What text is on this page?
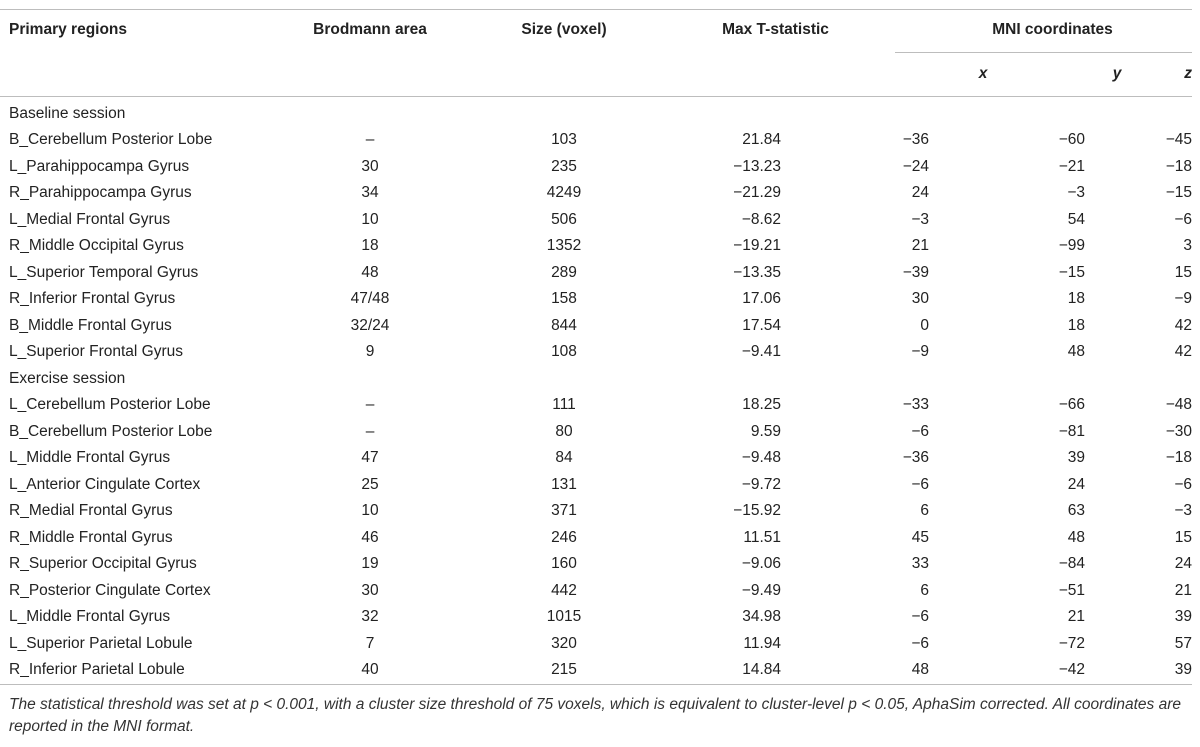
Primary regions	Brodmann area	Size (voxel)	Max T-statistic	MNI coordinates		

				x	y	z
Baseline session						
B_Cerebellum Posterior Lobe	–	103	21.84	−36	−60	−45
L_Parahippocampa Gyrus	30	235	−13.23	−24	−21	−18
R_Parahippocampa Gyrus	34	4249	−21.29	24	−3	−15
L_Medial Frontal Gyrus	10	506	−8.62	−3	54	−6
R_Middle Occipital Gyrus	18	1352	−19.21	21	−99	3
L_Superior Temporal Gyrus	48	289	−13.35	−39	−15	15
R_Inferior Frontal Gyrus	47/48	158	17.06	30	18	−9
B_Middle Frontal Gyrus	32/24	844	17.54	0	18	42
L_Superior Frontal Gyrus	9	108	−9.41	−9	48	42
Exercise session						
L_Cerebellum Posterior Lobe	–	111	18.25	−33	−66	−48
B_Cerebellum Posterior Lobe	–	80	9.59	−6	−81	−30
L_Middle Frontal Gyrus	47	84	−9.48	−36	39	−18
L_Anterior Cingulate Cortex	25	131	−9.72	−6	24	−6
R_Medial Frontal Gyrus	10	371	−15.92	6	63	−3
R_Middle Frontal Gyrus	46	246	11.51	45	48	15
R_Superior Occipital Gyrus	19	160	−9.06	33	−84	24
R_Posterior Cingulate Cortex	30	442	−9.49	6	−51	21
L_Middle Frontal Gyrus	32	1015	34.98	−6	21	39
L_Superior Parietal Lobule	7	320	11.94	−6	−72	57
R_Inferior Parietal Lobule	40	215	14.84	48	−42	39
The statistical threshold was set at p < 0.001, with a cluster size threshold of 75 voxels, which is equivalent to cluster-level p < 0.05, AphaSim corrected. All coordinates are reported in the MNI format.
